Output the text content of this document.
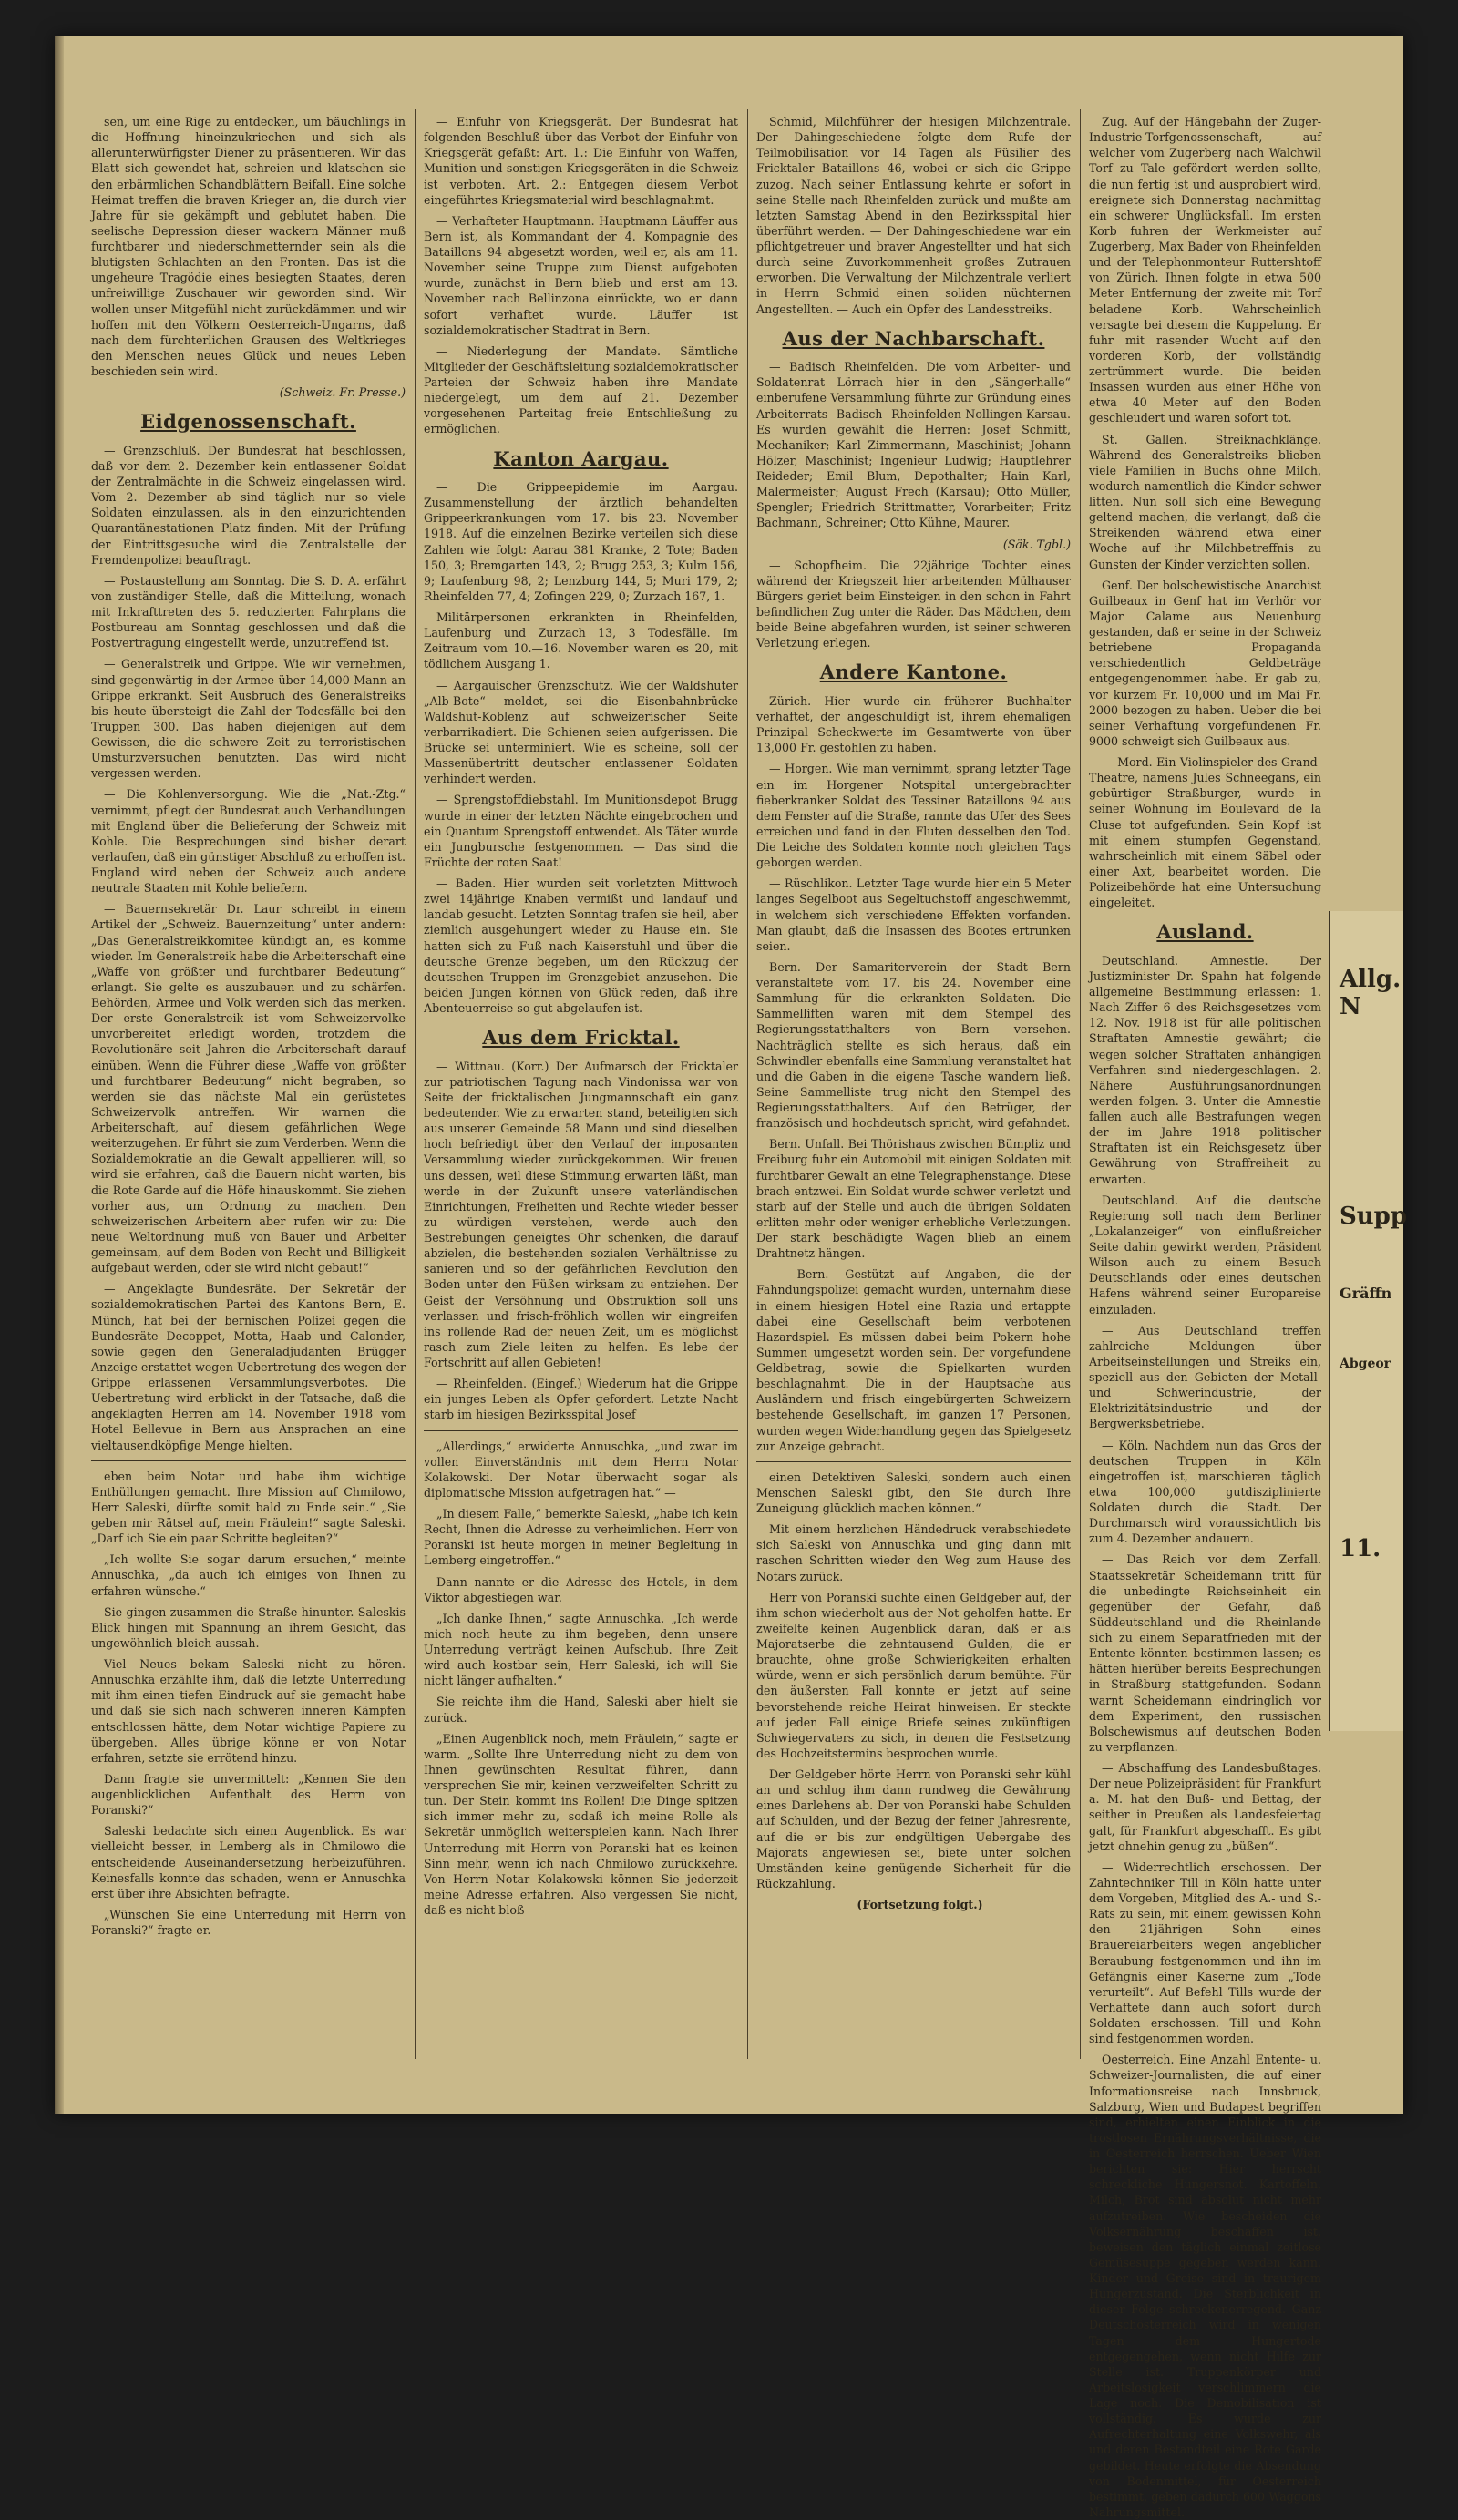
sen, um eine Rige zu entdecken, um bäuchlings in die Hoffnung hineinzukriechen und sich als allerunterwürfigster Diener zu präsentieren. Wir das Blatt sich gewendet hat, schreien und klatschen sie den erbärmlichen Schandblättern Beifall. Eine solche Heimat treffen die braven Krieger an, die durch vier Jahre für sie gekämpft und geblutet haben. Die seelische Depression dieser wackern Männer muß furchtbarer und niederschmetternder sein als die blutigsten Schlachten an den Fronten. Das ist die ungeheure Tragödie eines besiegten Staates, deren unfreiwillige Zuschauer wir geworden sind. Wir wollen unser Mitgefühl nicht zurückdämmen und wir hoffen mit den Völkern Oesterreich-Ungarns, daß nach dem fürchterlichen Grausen des Weltkrieges den Menschen neues Glück und neues Leben beschieden sein wird.

(Schweiz. Fr. Presse.)

Eidgenossenschaft.

— Grenzschluß. Der Bundesrat hat beschlossen, daß vor dem 2. Dezember kein entlassener Soldat der Zentralmächte in die Schweiz eingelassen wird. Vom 2. Dezember ab sind täglich nur so viele Soldaten einzulassen, als in den einzurichtenden Quarantänestationen Platz finden. Mit der Prüfung der Eintrittsgesuche wird die Zentralstelle der Fremdenpolizei beauftragt.

— Postaustellung am Sonntag. Die S. D. A. erfährt von zuständiger Stelle, daß die Mitteilung, wonach mit Inkrafttreten des 5. reduzierten Fahrplans die Postbureau am Sonntag geschlossen und daß die Postvertragung eingestellt werde, unzutreffend ist.

— Generalstreik und Grippe. Wie wir vernehmen, sind gegenwärtig in der Armee über 14,000 Mann an Grippe erkrankt. Seit Ausbruch des Generalstreiks bis heute übersteigt die Zahl der Todesfälle bei den Truppen 300. Das haben diejenigen auf dem Gewissen, die die schwere Zeit zu terroristischen Umsturzversuchen benutzten. Das wird nicht vergessen werden.

— Die Kohlenversorgung. Wie die „Nat.-Ztg.“ vernimmt, pflegt der Bundesrat auch Verhandlungen mit England über die Belieferung der Schweiz mit Kohle. Die Besprechungen sind bisher derart verlaufen, daß ein günstiger Abschluß zu erhoffen ist. England wird neben der Schweiz auch andere neutrale Staaten mit Kohle beliefern.

— Bauernsekretär Dr. Laur schreibt in einem Artikel der „Schweiz. Bauernzeitung“ unter andern: „Das Generalstreikkomitee kündigt an, es komme wieder. Im Generalstreik habe die Arbeiterschaft eine „Waffe von größter und furchtbarer Bedeutung“ erlangt. Sie gelte es auszubauen und zu schärfen. Behörden, Armee und Volk werden sich das merken. Der erste Generalstreik ist vom Schweizervolke unvorbereitet erledigt worden, trotzdem die Revolutionäre seit Jahren die Arbeiterschaft darauf einüben. Wenn die Führer diese „Waffe von größter und furchtbarer Bedeutung“ nicht begraben, so werden sie das nächste Mal ein gerüstetes Schweizervolk antreffen. Wir warnen die Arbeiterschaft, auf diesem gefährlichen Wege weiterzugehen. Er führt sie zum Verderben. Wenn die Sozialdemokratie an die Gewalt appellieren will, so wird sie erfahren, daß die Bauern nicht warten, bis die Rote Garde auf die Höfe hinauskommt. Sie ziehen vorher aus, um Ordnung zu machen. Den schweizerischen Arbeitern aber rufen wir zu: Die neue Weltordnung muß von Bauer und Arbeiter gemeinsam, auf dem Boden von Recht und Billigkeit aufgebaut werden, oder sie wird nicht gebaut!“

— Angeklagte Bundesräte. Der Sekretär der sozialdemokratischen Partei des Kantons Bern, E. Münch, hat bei der bernischen Polizei gegen die Bundesräte Decoppet, Motta, Haab und Calonder, sowie gegen den Generaladjudanten Brügger Anzeige erstattet wegen Uebertretung des wegen der Grippe erlassenen Versammlungsverbotes. Die Uebertretung wird erblickt in der Tatsache, daß die angeklagten Herren am 14. November 1918 vom Hotel Bellevue in Bern aus Ansprachen an eine vieltausendköpfige Menge hielten.

eben beim Notar und habe ihm wichtige Enthüllungen gemacht. Ihre Mission auf Chmilowo, Herr Saleski, dürfte somit bald zu Ende sein.“ „Sie geben mir Rätsel auf, mein Fräulein!“ sagte Saleski. „Darf ich Sie ein paar Schritte begleiten?“

„Ich wollte Sie sogar darum ersuchen,“ meinte Annuschka, „da auch ich einiges von Ihnen zu erfahren wünsche.“

Sie gingen zusammen die Straße hinunter. Saleskis Blick hingen mit Spannung an ihrem Gesicht, das ungewöhnlich bleich aussah.

Viel Neues bekam Saleski nicht zu hören. Annuschka erzählte ihm, daß die letzte Unterredung mit ihm einen tiefen Eindruck auf sie gemacht habe und daß sie sich nach schweren inneren Kämpfen entschlossen hätte, dem Notar wichtige Papiere zu übergeben. Alles übrige könne er von Notar erfahren, setzte sie errötend hinzu.

Dann fragte sie unvermittelt: „Kennen Sie den augenblicklichen Aufenthalt des Herrn von Poranski?“

Saleski bedachte sich einen Augenblick. Es war vielleicht besser, in Lemberg als in Chmilowo die entscheidende Auseinandersetzung herbeizuführen. Keinesfalls konnte das schaden, wenn er Annuschka erst über ihre Absichten befragte.

„Wünschen Sie eine Unterredung mit Herrn von Poranski?“ fragte er.

— Einfuhr von Kriegsgerät. Der Bundesrat hat folgenden Beschluß über das Verbot der Einfuhr von Kriegsgerät gefaßt: Art. 1.: Die Einfuhr von Waffen, Munition und sonstigen Kriegsgeräten in die Schweiz ist verboten. Art. 2.: Entgegen diesem Verbot eingeführtes Kriegsmaterial wird beschlagnahmt.

— Verhafteter Hauptmann. Hauptmann Läuffer aus Bern ist, als Kommandant der 4. Kompagnie des Bataillons 94 abgesetzt worden, weil er, als am 11. November seine Truppe zum Dienst aufgeboten wurde, zunächst in Bern blieb und erst am 13. November nach Bellinzona einrückte, wo er dann sofort verhaftet wurde. Läuffer ist sozialdemokratischer Stadtrat in Bern.

— Niederlegung der Mandate. Sämtliche Mitglieder der Geschäftsleitung sozialdemokratischer Parteien der Schweiz haben ihre Mandate niedergelegt, um dem auf 21. Dezember vorgesehenen Parteitag freie Entschließung zu ermöglichen.

Kanton Aargau.

— Die Grippeepidemie im Aargau. Zusammenstellung der ärztlich behandelten Grippeerkrankungen vom 17. bis 23. November 1918. Auf die einzelnen Bezirke verteilen sich diese Zahlen wie folgt: Aarau 381 Kranke, 2 Tote; Baden 150, 3; Bremgarten 143, 2; Brugg 253, 3; Kulm 156, 9; Laufenburg 98, 2; Lenzburg 144, 5; Muri 179, 2; Rheinfelden 77, 4; Zofingen 229, 0; Zurzach 167, 1.

Militärpersonen erkrankten in Rheinfelden, Laufenburg und Zurzach 13, 3 Todesfälle. Im Zeitraum vom 10.—16. November waren es 20, mit tödlichem Ausgang 1.

— Aargauischer Grenzschutz. Wie der Waldshuter „Alb-Bote“ meldet, sei die Eisenbahnbrücke Waldshut-Koblenz auf schweizerischer Seite verbarrikadiert. Die Schienen seien aufgerissen. Die Brücke sei unterminiert. Wie es scheine, soll der Massenübertritt deutscher entlassener Soldaten verhindert werden.

— Sprengstoffdiebstahl. Im Munitionsdepot Brugg wurde in einer der letzten Nächte eingebrochen und ein Quantum Sprengstoff entwendet. Als Täter wurde ein Jungbursche festgenommen. — Das sind die Früchte der roten Saat!

— Baden. Hier wurden seit vorletzten Mittwoch zwei 14jährige Knaben vermißt und landauf und landab gesucht. Letzten Sonntag trafen sie heil, aber ziemlich ausgehungert wieder zu Hause ein. Sie hatten sich zu Fuß nach Kaiserstuhl und über die deutsche Grenze begeben, um den Rückzug der deutschen Truppen im Grenzgebiet anzusehen. Die beiden Jungen können von Glück reden, daß ihre Abenteuerreise so gut abgelaufen ist.

Aus dem Fricktal.

— Wittnau. (Korr.) Der Aufmarsch der Fricktaler zur patriotischen Tagung nach Vindonissa war von Seite der fricktalischen Jungmannschaft ein ganz bedeutender. Wie zu erwarten stand, beteiligten sich aus unserer Gemeinde 58 Mann und sind dieselben hoch befriedigt über den Verlauf der imposanten Versammlung wieder zurückgekommen. Wir freuen uns dessen, weil diese Stimmung erwarten läßt, man werde in der Zukunft unsere vaterländischen Einrichtungen, Freiheiten und Rechte wieder besser zu würdigen verstehen, werde auch den Bestrebungen geneigtes Ohr schenken, die darauf abzielen, die bestehenden sozialen Verhältnisse zu sanieren und so der gefährlichen Revolution den Boden unter den Füßen wirksam zu entziehen. Der Geist der Versöhnung und Obstruktion soll uns verlassen und frisch-fröhlich wollen wir eingreifen ins rollende Rad der neuen Zeit, um es möglichst rasch zum Ziele leiten zu helfen. Es lebe der Fortschritt auf allen Gebieten!

— Rheinfelden. (Eingef.) Wiederum hat die Grippe ein junges Leben als Opfer gefordert. Letzte Nacht starb im hiesigen Bezirksspital Josef

„Allerdings,“ erwiderte Annuschka, „und zwar im vollen Einverständnis mit dem Herrn Notar Kolakowski. Der Notar überwacht sogar als diplomatische Mission aufgetragen hat.“ —

„In diesem Falle,“ bemerkte Saleski, „habe ich kein Recht, Ihnen die Adresse zu verheimlichen. Herr von Poranski ist heute morgen in meiner Begleitung in Lemberg eingetroffen.“

Dann nannte er die Adresse des Hotels, in dem Viktor abgestiegen war.

„Ich danke Ihnen,“ sagte Annuschka. „Ich werde mich noch heute zu ihm begeben, denn unsere Unterredung verträgt keinen Aufschub. Ihre Zeit wird auch kostbar sein, Herr Saleski, ich will Sie nicht länger aufhalten.“

Sie reichte ihm die Hand, Saleski aber hielt sie zurück.

„Einen Augenblick noch, mein Fräulein,“ sagte er warm. „Sollte Ihre Unterredung nicht zu dem von Ihnen gewünschten Resultat führen, dann versprechen Sie mir, keinen verzweifelten Schritt zu tun. Der Stein kommt ins Rollen! Die Dinge spitzen sich immer mehr zu, sodaß ich meine Rolle als Sekretär unmöglich weiterspielen kann. Nach Ihrer Unterredung mit Herrn von Poranski hat es keinen Sinn mehr, wenn ich nach Chmilowo zurückkehre. Von Herrn Notar Kolakowski können Sie jederzeit meine Adresse erfahren. Also vergessen Sie nicht, daß es nicht bloß

Schmid, Milchführer der hiesigen Milchzentrale. Der Dahingeschiedene folgte dem Rufe der Teilmobilisation vor 14 Tagen als Füsilier des Fricktaler Bataillons 46, wobei er sich die Grippe zuzog. Nach seiner Entlassung kehrte er sofort in seine Stelle nach Rheinfelden zurück und mußte am letzten Samstag Abend in den Bezirksspital hier überführt werden. — Der Dahingeschiedene war ein pflichtgetreuer und braver Angestellter und hat sich durch seine Zuvorkommenheit großes Zutrauen erworben. Die Verwaltung der Milchzentrale verliert in Herrn Schmid einen soliden nüchternen Angestellten. — Auch ein Opfer des Landesstreiks.

Aus der Nachbarschaft.

— Badisch Rheinfelden. Die vom Arbeiter- und Soldatenrat Lörrach hier in den „Sängerhalle“ einberufene Versammlung führte zur Gründung eines Arbeiterrats Badisch Rheinfelden-Nollingen-Karsau. Es wurden gewählt die Herren: Josef Schmitt, Mechaniker; Karl Zimmermann, Maschinist; Johann Hölzer, Maschinist; Ingenieur Ludwig; Hauptlehrer Reideder; Emil Blum, Depothalter; Hain Karl, Malermeister; August Frech (Karsau); Otto Müller, Spengler; Friedrich Strittmatter, Vorarbeiter; Fritz Bachmann, Schreiner; Otto Kühne, Maurer.

(Säk. Tgbl.)

— Schopfheim. Die 22jährige Tochter eines während der Kriegszeit hier arbeitenden Mülhauser Bürgers geriet beim Einsteigen in den schon in Fahrt befindlichen Zug unter die Räder. Das Mädchen, dem beide Beine abgefahren wurden, ist seiner schweren Verletzung erlegen.

Andere Kantone.

Zürich. Hier wurde ein früherer Buchhalter verhaftet, der angeschuldigt ist, ihrem ehemaligen Prinzipal Scheckwerte im Gesamtwerte von über 13,000 Fr. gestohlen zu haben.

— Horgen. Wie man vernimmt, sprang letzter Tage ein im Horgener Notspital untergebrachter fieberkranker Soldat des Tessiner Bataillons 94 aus dem Fenster auf die Straße, rannte das Ufer des Sees erreichen und fand in den Fluten desselben den Tod. Die Leiche des Soldaten konnte noch gleichen Tags geborgen werden.

— Rüschlikon. Letzter Tage wurde hier ein 5 Meter langes Segelboot aus Segeltuchstoff angeschwemmt, in welchem sich verschiedene Effekten vorfanden. Man glaubt, daß die Insassen des Bootes ertrunken seien.

Bern. Der Samariterverein der Stadt Bern veranstaltete vom 17. bis 24. November eine Sammlung für die erkrankten Soldaten. Die Sammelliften waren mit dem Stempel des Regierungsstatthalters von Bern versehen. Nachträglich stellte es sich heraus, daß ein Schwindler ebenfalls eine Sammlung veranstaltet hat und die Gaben in die eigene Tasche wandern ließ. Seine Sammelliste trug nicht den Stempel des Regierungsstatthalters. Auf den Betrüger, der französisch und hochdeutsch spricht, wird gefahndet.

Bern. Unfall. Bei Thörishaus zwischen Bümpliz und Freiburg fuhr ein Automobil mit einigen Soldaten mit furchtbarer Gewalt an eine Telegraphenstange. Diese brach entzwei. Ein Soldat wurde schwer verletzt und starb auf der Stelle und auch die übrigen Soldaten erlitten mehr oder weniger erhebliche Verletzungen. Der stark beschädigte Wagen blieb an einem Drahtnetz hängen.

— Bern. Gestützt auf Angaben, die der Fahndungspolizei gemacht wurden, unternahm diese in einem hiesigen Hotel eine Razia und ertappte dabei eine Gesellschaft beim verbotenen Hazardspiel. Es müssen dabei beim Pokern hohe Summen umgesetzt worden sein. Der vorgefundene Geldbetrag, sowie die Spielkarten wurden beschlagnahmt. Die in der Hauptsache aus Ausländern und frisch eingebürgerten Schweizern bestehende Gesellschaft, im ganzen 17 Personen, wurden wegen Widerhandlung gegen das Spielgesetz zur Anzeige gebracht.

einen Detektiven Saleski, sondern auch einen Menschen Saleski gibt, den Sie durch Ihre Zuneigung glücklich machen können.“

Mit einem herzlichen Händedruck verabschiedete sich Saleski von Annuschka und ging dann mit raschen Schritten wieder den Weg zum Hause des Notars zurück.

Herr von Poranski suchte einen Geldgeber auf, der ihm schon wiederholt aus der Not geholfen hatte. Er zweifelte keinen Augenblick daran, daß er als Majoratserbe die zehntausend Gulden, die er brauchte, ohne große Schwierigkeiten erhalten würde, wenn er sich persönlich darum bemühte. Für den äußersten Fall konnte er jetzt auf seine bevorstehende reiche Heirat hinweisen. Er steckte auf jeden Fall einige Briefe seines zukünftigen Schwiegervaters zu sich, in denen die Festsetzung des Hochzeitstermins besprochen wurde.

Der Geldgeber hörte Herrn von Poranski sehr kühl an und schlug ihm dann rundweg die Gewährung eines Darlehens ab. Der von Poranski habe Schulden auf Schulden, und der Bezug der feiner Jahresrente, auf die er bis zur endgültigen Uebergabe des Majorats angewiesen sei, biete unter solchen Umständen keine genügende Sicherheit für die Rückzahlung.

(Fortsetzung folgt.)

Zug. Auf der Hängebahn der Zuger-Industrie-Torfgenossenschaft, auf welcher vom Zugerberg nach Walchwil Torf zu Tale gefördert werden sollte, die nun fertig ist und ausprobiert wird, ereignete sich Donnerstag nachmittag ein schwerer Unglücksfall. Im ersten Korb fuhren der Werkmeister auf Zugerberg, Max Bader von Rheinfelden und der Telephonmonteur Ruttershtoff von Zürich. Ihnen folgte in etwa 500 Meter Entfernung der zweite mit Torf beladene Korb. Wahrscheinlich versagte bei diesem die Kuppelung. Er fuhr mit rasender Wucht auf den vorderen Korb, der vollständig zertrümmert wurde. Die beiden Insassen wurden aus einer Höhe von etwa 40 Meter auf den Boden geschleudert und waren sofort tot.

St. Gallen. Streiknachklänge. Während des Generalstreiks blieben viele Familien in Buchs ohne Milch, wodurch namentlich die Kinder schwer litten. Nun soll sich eine Bewegung geltend machen, die verlangt, daß die Streikenden während etwa einer Woche auf ihr Milchbetreffnis zu Gunsten der Kinder verzichten sollen.

Genf. Der bolschewistische Anarchist Guilbeaux in Genf hat im Verhör vor Major Calame aus Neuenburg gestanden, daß er seine in der Schweiz betriebene Propaganda verschiedentlich Geldbeträge entgegengenommen habe. Er gab zu, vor kurzem Fr. 10,000 und im Mai Fr. 2000 bezogen zu haben. Ueber die bei seiner Verhaftung vorgefundenen Fr. 9000 schweigt sich Guilbeaux aus.

— Mord. Ein Violinspieler des Grand-Theatre, namens Jules Schneegans, ein gebürtiger Straßburger, wurde in seiner Wohnung im Boulevard de la Cluse tot aufgefunden. Sein Kopf ist mit einem stumpfen Gegenstand, wahrscheinlich mit einem Säbel oder einer Axt, bearbeitet worden. Die Polizeibehörde hat eine Untersuchung eingeleitet.

Ausland.

Deutschland. Amnestie. Der Justizminister Dr. Spahn hat folgende allgemeine Bestimmung erlassen: 1. Nach Ziffer 6 des Reichsgesetzes vom 12. Nov. 1918 ist für alle politischen Straftaten Amnestie gewährt; die wegen solcher Straftaten anhängigen Verfahren sind niedergeschlagen. 2. Nähere Ausführungsanordnungen werden folgen. 3. Unter die Amnestie fallen auch alle Bestrafungen wegen der im Jahre 1918 politischer Straftaten ist ein Reichsgesetz über Gewährung von Straffreiheit zu erwarten.

Deutschland. Auf die deutsche Regierung soll nach dem Berliner „Lokalanzeiger“ von einflußreicher Seite dahin gewirkt werden, Präsident Wilson auch zu einem Besuch Deutschlands oder eines deutschen Hafens während seiner Europareise einzuladen.

— Aus Deutschland treffen zahlreiche Meldungen über Arbeitseinstellungen und Streiks ein, speziell aus den Gebieten der Metall- und Schwerindustrie, der Elektrizitätsindustrie und der Bergwerksbetriebe.

— Köln. Nachdem nun das Gros der deutschen Truppen in Köln eingetroffen ist, marschieren täglich etwa 100,000 gutdisziplinierte Soldaten durch die Stadt. Der Durchmarsch wird voraussichtlich bis zum 4. Dezember andauern.

— Das Reich vor dem Zerfall. Staatssekretär Scheidemann tritt für die unbedingte Reichseinheit ein gegenüber der Gefahr, daß Süddeutschland und die Rheinlande sich zu einem Separatfrieden mit der Entente könnten bestimmen lassen; es hätten hierüber bereits Besprechungen in Straßburg stattgefunden. Sodann warnt Scheidemann eindringlich vor dem Experiment, den russischen Bolschewismus auf deutschen Boden zu verpflanzen.

— Abschaffung des Landesbußtages. Der neue Polizeipräsident für Frankfurt a. M. hat den Buß- und Bettag, der seither in Preußen als Landesfeiertag galt, für Frankfurt abgeschafft. Es gibt jetzt ohnehin genug zu „büßen“.

— Widerrechtlich erschossen. Der Zahntechniker Till in Köln hatte unter dem Vorgeben, Mitglied des A.- und S.-Rats zu sein, mit einem gewissen Kohn den 21jährigen Sohn eines Brauereiarbeiters wegen angeblicher Beraubung festgenommen und ihn im Gefängnis einer Kaserne zum „Tode verurteilt“. Auf Befehl Tills wurde der Verhaftete dann auch sofort durch Soldaten erschossen. Till und Kohn sind festgenommen worden.

Oesterreich. Eine Anzahl Entente- u. Schweizer-Journalisten, die auf einer Informationsreise nach Innsbruck, Salzburg, Wien und Budapest begriffen sind, erhielten einen Einblick in die trostlosen Ernährungsverhältnisse, die in Oesterreich herrschen. Ueber Wien berichten sie: Hier herrscht schreckliche Hungersnot. Kartoffeln, Milch, Brot sind absolut nicht mehr aufzutreiben. Wie bescheiden die Volksernährung beschaffen ist, beweisen den täglich einmal zeitlose Gemüsesuppe gegeben werden kann. Kinder und Greise sind in traurigem Hungerzustand. Die Sterblichkeit in dieser Folge schreckenerregend. Ganz Deutschösterreich wird in wenigen Tagen dem Hungertode entgegengehen, wenn nicht Hilfe zur Stelle ist. Truppenkörper und Arbeitslosigkeit verschlimmern die Lage noch. Die Demobilisation ist vollständig. Es wurde zur Aufrechterhaltung eine Volkswehr, als und deren Bestandteil eine Rote Garde gebildet. Heute erfolgte die Absendung von Bodenmittel, für Oesterreich bestimmt, geben dadurch 600 Waggons Nahrungsmittel.

Allg. N
Supp
Gräffn
Abgeor
11.
